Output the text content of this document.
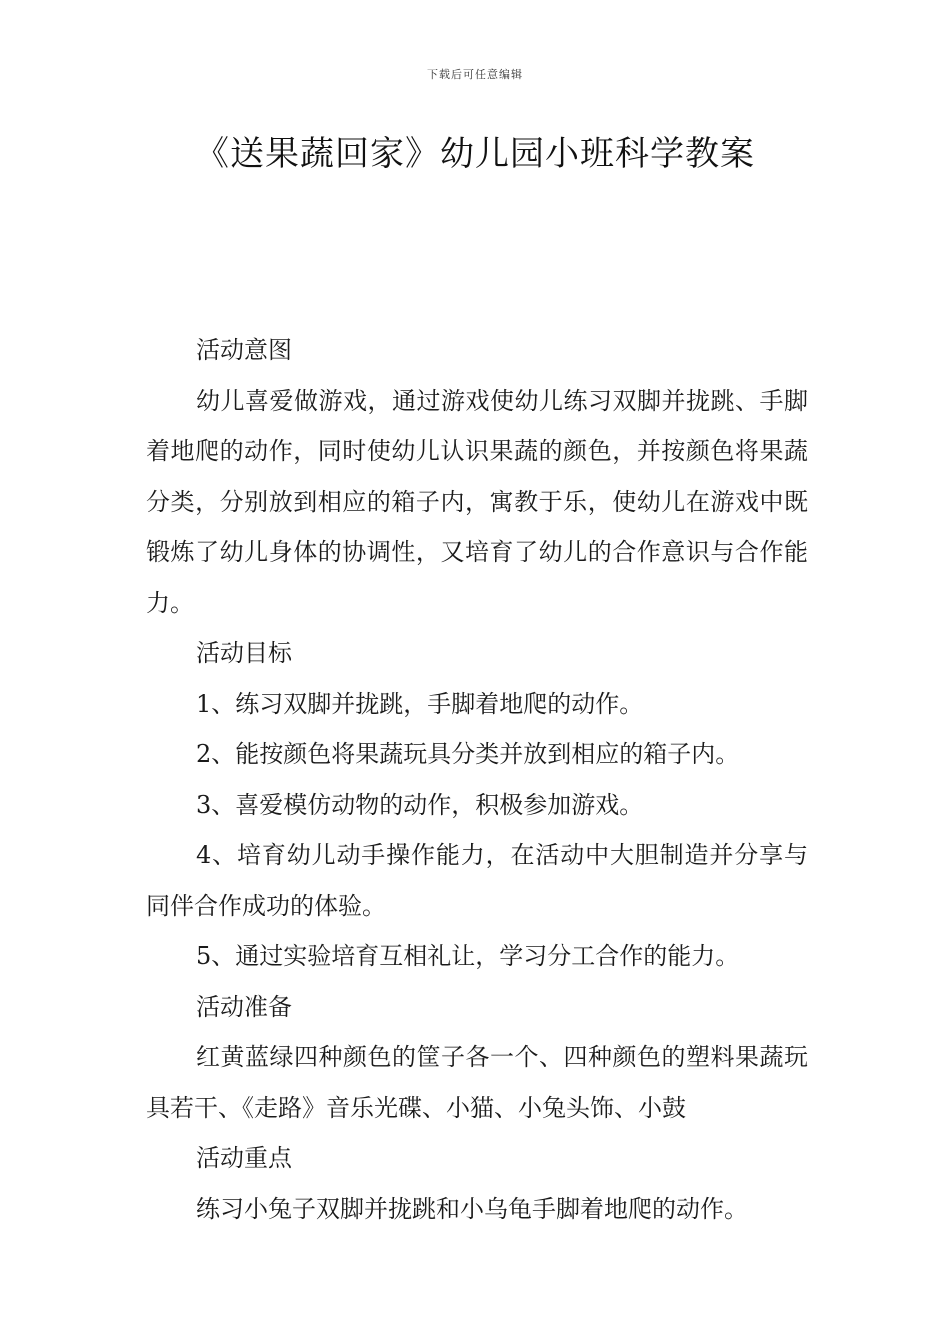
下载后可任意编辑
《送果蔬回家》幼儿园小班科学教案

活动意图

幼儿喜爱做游戏，通过游戏使幼儿练习双脚并拢跳、手脚着地爬的动作，同时使幼儿认识果蔬的颜色，并按颜色将果蔬分类，分别放到相应的箱子内，寓教于乐，使幼儿在游戏中既锻炼了幼儿身体的协调性，又培育了幼儿的合作意识与合作能力。

活动目标

1、练习双脚并拢跳，手脚着地爬的动作。

2、能按颜色将果蔬玩具分类并放到相应的箱子内。

3、喜爱模仿动物的动作，积极参加游戏。

4、培育幼儿动手操作能力，在活动中大胆制造并分享与同伴合作成功的体验。

5、通过实验培育互相礼让，学习分工合作的能力。

活动准备

红黄蓝绿四种颜色的筐子各一个、四种颜色的塑料果蔬玩具若干、《走路》音乐光碟、小猫、小兔头饰、小鼓

活动重点

练习小兔子双脚并拢跳和小乌龟手脚着地爬的动作。
